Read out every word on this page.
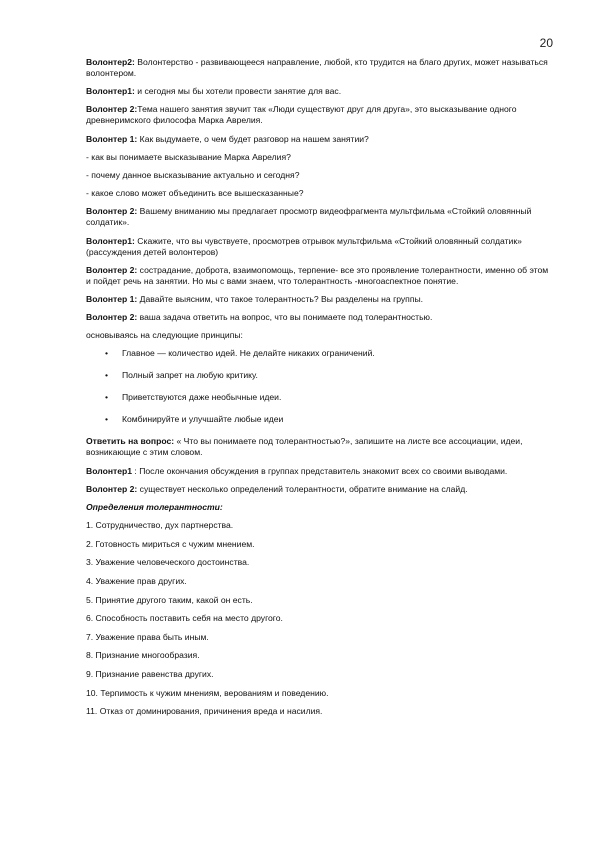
20

Волонтер2: Волонтерство - развивающееся направление, любой, кто трудится на благо других, может называться волонтером.

Волонтер1: и сегодня мы бы хотели провести занятие для вас.

Волонтер 2:Тема нашего занятия звучит так «Люди существуют друг для друга», это высказывание одного древнеримского философа Марка Аврелия.

Волонтер 1: Как выдумаете, о чем будет разговор на нашем занятии?

- как вы понимаете высказывание Марка Аврелия?

- почему данное высказывание актуально и сегодня?

- какое слово может объединить все вышесказанные?

Волонтер 2: Вашему вниманию мы предлагает просмотр видеофрагмента мультфильма «Стойкий оловянный солдатик».

Волонтер1: Скажите, что вы чувствуете, просмотрев отрывок мультфильма «Стойкий оловянный солдатик» (рассуждения детей волонтеров)

Волонтер 2: сострадание, доброта, взаимопомощь, терпение- все это проявление толерантности, именно об этом и пойдет речь на занятии. Но мы с вами знаем, что толерантность -многоаспектное понятие.

Волонтер 1: Давайте выясним, что такое толерантность? Вы разделены на группы.

Волонтер 2: ваша задача ответить на вопрос, что вы понимаете под толерантностью.

основываясь на следующие принципы:

• Главное — количество идей. Не делайте никаких ограничений.
• Полный запрет на любую критику.
• Приветствуются даже необычные идеи.
• Комбинируйте и улучшайте любые идеи

Ответить на вопрос: « Что вы понимаете под толерантностью?», запишите на листе все ассоциации, идеи, возникающие с этим словом.

Волонтер1 : После окончания обсуждения в группах представитель знакомит всех со своими выводами.

Волонтер 2: существует несколько определений толерантности, обратите внимание на слайд.

Определения толерантности:

1. Сотрудничество, дух партнерства.
2. Готовность мириться с чужим мнением.
3. Уважение человеческого достоинства.
4. Уважение прав других.
5. Принятие другого таким, какой он есть.
6. Способность поставить себя на место другого.
7. Уважение права быть иным.
8. Признание многообразия.
9. Признание равенства других.
10. Терпимость к чужим мнениям, верованиям и поведению.
11. Отказ от доминирования, причинения вреда и насилия.
